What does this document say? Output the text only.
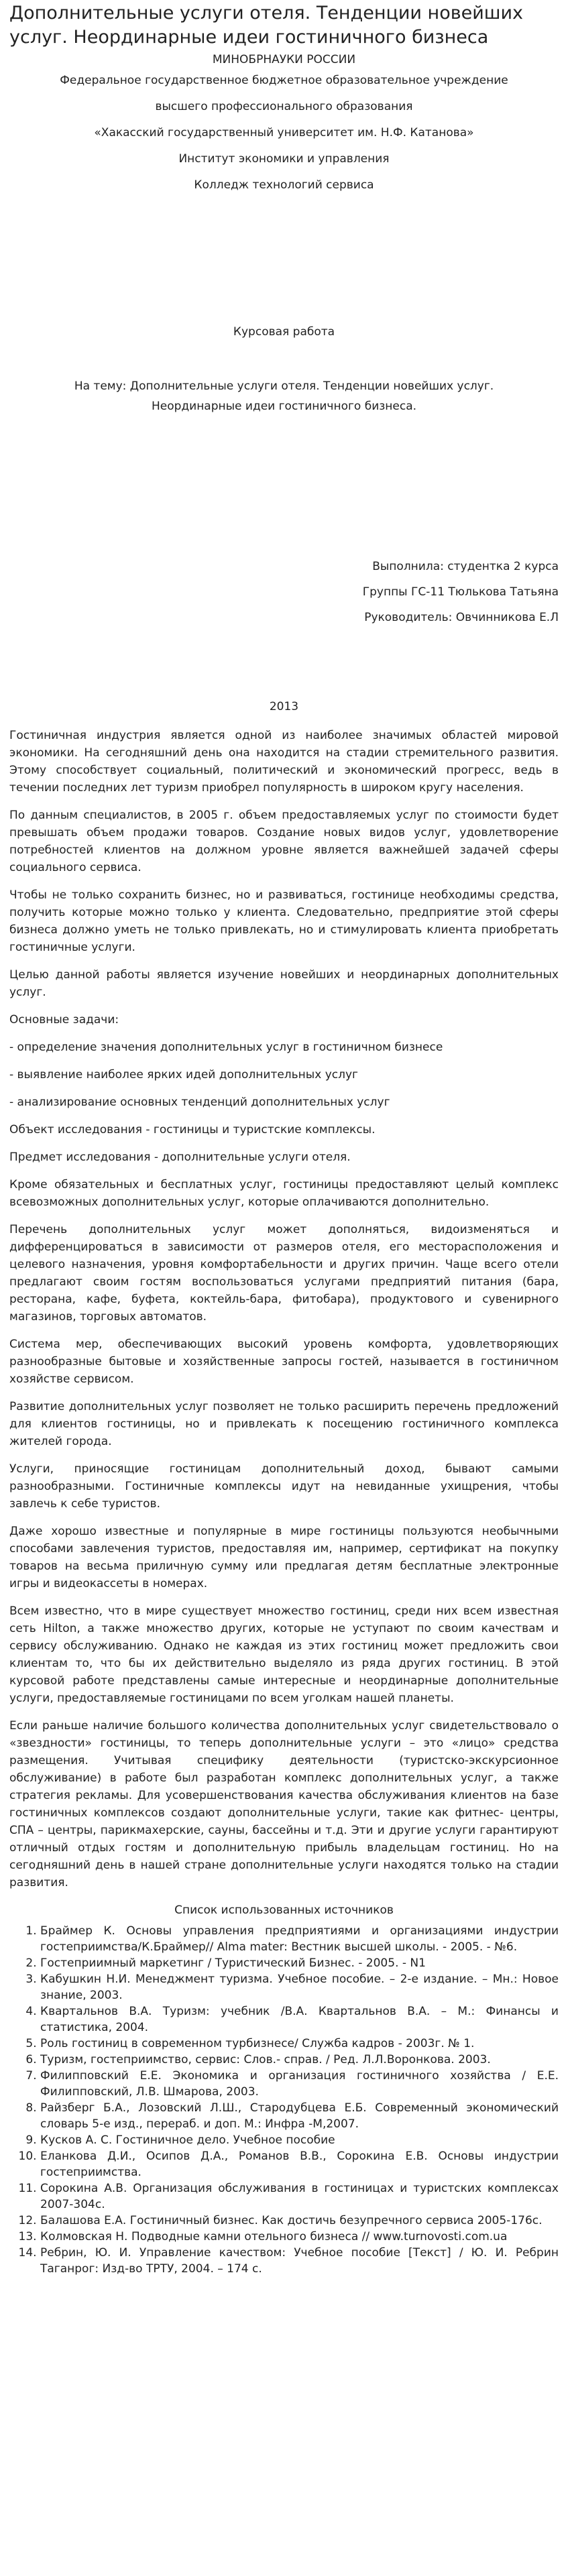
Дополнительные услуги отеля. Тенденции новейших услуг. Неординарные идеи гостиничного бизнеса

МИНОБРНАУКИ РОССИИ

Федеральное государственное бюджетное образовательное учреждение

высшего профессионального образования

«Хакасский государственный университет им. Н.Ф. Катанова»

Институт экономики и управления

Колледж технологий сервиса

Курсовая работа

На тему: Дополнительные услуги отеля. Тенденции новейших услуг.

Неординарные идеи гостиничного бизнеса.

Выполнила: студентка 2 курса

Группы ГС-11 Тюлькова Татьяна

Руководитель: Овчинникова Е.Л

2013

Гостиничная индустрия является одной из наиболее значимых областей мировой экономики. На сегодняшний день она находится на стадии стремительного развития. Этому способствует социальный, политический и экономический прогресс, ведь в течении последних лет туризм приобрел популярность в широком кругу населения.

По данным специалистов, в 2005 г. объем предоставляемых услуг по стоимости будет превышать объем продажи товаров. Создание новых видов услуг, удовлетворение потребностей клиентов на должном уровне является важнейшей задачей сферы социального сервиса.

Чтобы не только сохранить бизнес, но и развиваться, гостинице необходимы средства, получить которые можно только у клиента. Следовательно, предприятие этой сферы бизнеса должно уметь не только привлекать, но и стимулировать клиента приобретать гостиничные услуги.

Целью данной работы является изучение новейших и неординарных дополнительных услуг.

Основные задачи:

- определение значения дополнительных услуг в гостиничном бизнесе

- выявление наиболее ярких идей дополнительных услуг

- анализирование основных тенденций дополнительных услуг

Объект исследования - гостиницы и туристские комплексы.

Предмет исследования - дополнительные услуги отеля.

Кроме обязательных и бесплатных услуг, гостиницы предоставляют целый комплекс всевозможных дополнительных услуг, которые оплачиваются дополнительно.

Перечень дополнительных услуг может дополняться, видоизменяться и дифференцироваться в зависимости от размеров отеля, его месторасположения и целевого назначения, уровня комфортабельности и других причин. Чаще всего отели предлагают своим гостям воспользоваться услугами предприятий питания (бара, ресторана, кафе, буфета, коктейль-бара, фитобара), продуктового и сувенирного магазинов, торговых автоматов.

Система мер, обеспечивающих высокий уровень комфорта, удовлетворяющих разнообразные бытовые и хозяйственные запросы гостей, называется в гостиничном хозяйстве сервисом.

Развитие дополнительных услуг позволяет не только расширить перечень предложений для клиентов гостиницы, но и привлекать к посещению гостиничного комплекса жителей города.

Услуги, приносящие гостиницам дополнительный доход, бывают самыми разнообразными. Гостиничные комплексы идут на невиданные ухищрения, чтобы завлечь к себе туристов.

Даже хорошо известные и популярные в мире гостиницы пользуются необычными способами завлечения туристов, предоставляя им, например, сертификат на покупку товаров на весьма приличную сумму или предлагая детям бесплатные электронные игры и видеокассеты в номерах.

Всем известно, что в мире существует множество гостиниц, среди них всем известная сеть Hilton, а также множество других, которые не уступают по своим качествам и сервису обслуживанию. Однако не каждая из этих гостиниц может предложить свои клиентам то, что бы их действительно выделяло из ряда других гостиниц. В этой курсовой работе представлены самые интересные и неординарные дополнительные услуги, предоставляемые гостиницами по всем уголкам нашей планеты.

Если раньше наличие большого количества дополнительных услуг свидетельствовало о «звездности» гостиницы, то теперь дополнительные услуги – это «лицо» средства размещения. Учитывая специфику деятельности (туристско-экскурсионное обслуживание) в работе был разработан комплекс дополнительных услуг, а также стратегия рекламы. Для усовершенствования качества обслуживания клиентов на базе гостиничных комплексов создают дополнительные услуги, такие как фитнес- центры, СПА – центры, парикмахерские, сауны, бассейны и т.д. Эти и другие услуги гарантируют отличный отдых гостям и дополнительную прибыль владельцам гостиниц. Но на сегодняшний день в нашей стране дополнительные услуги находятся только на стадии развития.

Список использованных источников

1. Браймер К. Основы управления предприятиями и организациями индустрии гостеприимства/К.Браймер// Alma mater: Вестник высшей школы. - 2005. - №6.
2. Гостеприимный маркетинг / Туристический Бизнес. - 2005. - N1
3. Кабушкин Н.И. Менеджмент туризма. Учебное пособие. – 2-е издание. – Мн.: Новое знание, 2003.
4. Квартальнов В.А. Туризм: учебник /В.А. Квартальнов В.А. – М.: Финансы и статистика, 2004.
5. Роль гостиниц в современном турбизнесе/ Служба кадров - 2003г. № 1.
6. Туризм, гостеприимство, сервис: Слов.- справ. / Ред. Л.Л.Воронкова. 2003.
7. Филипповский Е.Е. Экономика и организация гостиничного хозяйства / Е.Е. Филипповский, Л.В. Шмарова, 2003.
8. Райзберг Б.А., Лозовский Л.Ш., Стародубцева Е.Б. Современный экономический словарь 5-е изд., перераб. и доп. М.: Инфра -М,2007.
9. Кусков А. С. Гостиничное дело. Учебное пособие
10. Еланкова Д.И., Осипов Д.А., Романов В.В., Сорокина Е.В. Основы индустрии гостеприимства.
11. Сорокина А.В. Организация обслуживания в гостиницах и туристских комплексах 2007-304с.
12. Балашова Е.А. Гостиничный бизнес. Как достичь безупречного сервиса 2005-176с.
13. Колмовская Н. Подводные камни отельного бизнеса // www.turnovosti.com.ua
14. Ребрин, Ю. И. Управление качеством: Учебное пособие [Текст] / Ю. И. Ребрин Таганрог: Изд-во ТРТУ, 2004. – 174 с.
